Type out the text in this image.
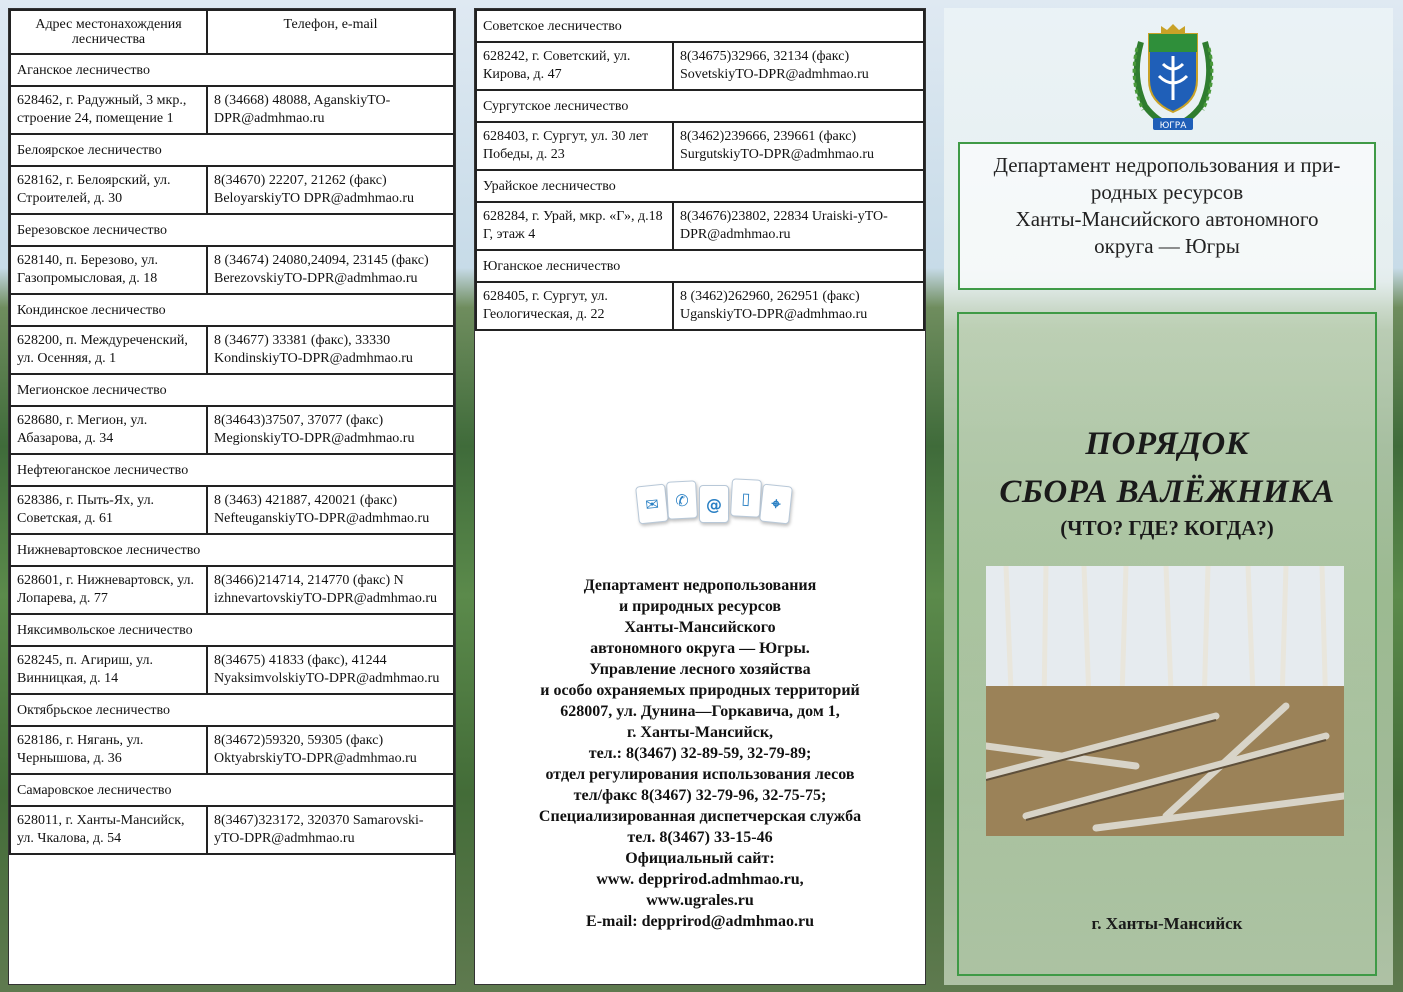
Адрес местонахождения лесничества	Телефон, e-mail
Аганское лесничество	
628462, г. Радужный, 3 мкр., строение 24, помещение 1	8 (34668) 48088, AganskiyTO-DPR@admhmao.ru
Белоярское лесничество	
628162, г. Белоярский, ул. Строителей, д. 30	8(34670) 22207, 21262 (факс) BeloyarskiyTO DPR@admhmao.ru
Березовское лесничество	
628140, п. Березово, ул. Газопромысловая, д. 18	8 (34674) 24080,24094, 23145 (факс) BerezovskiyTO-DPR@admhmao.ru
Кондинское лесничество	
628200, п. Междуреченский, ул. Осенняя, д. 1	8 (34677) 33381 (факс), 33330 KondinskiyTO-DPR@admhmao.ru
Мегионское лесничество	
628680, г. Мегион, ул. Абазарова, д. 34	8(34643)37507, 37077 (факс) MegionskiyTO-DPR@admhmao.ru
Нефтеюганское лесничество	
628386, г. Пыть-Ях, ул. Советская, д. 61	8 (3463) 421887, 420021 (факс) NefteuganskiyTO-DPR@admhmao.ru
Нижневартовское лесничество	
628601, г. Нижневартовск, ул. Лопарева, д. 77	8(3466)214714, 214770 (факс) N izhnevartovskiyTO-DPR@admhmao.ru
Няксимвольское лесничество	
628245, п. Агириш, ул. Винницкая, д. 14	8(34675) 41833 (факс), 41244 NyaksimvolskiyTO-DPR@admhmao.ru
Октябрьское лесничество	
628186, г. Нягань, ул. Чернышова, д. 36	8(34672)59320, 59305 (факс) OktyabrskiyTO-DPR@admhmao.ru
Самаровское лесничество	
628011, г. Ханты-Мансийск, ул. Чкалова, д. 54	8(3467)323172, 320370 Samarovski-yTO-DPR@admhmao.ru
Советское лесничество	
628242, г. Советский, ул. Кирова, д. 47	8(34675)32966, 32134 (факс) SovetskiyTO-DPR@admhmao.ru
Сургутское лесничество	
628403, г. Сургут, ул. 30 лет Победы, д. 23	8(3462)239666, 239661 (факс) SurgutskiyTO-DPR@admhmao.ru
Урайское лесничество	
628284, г. Урай, мкр. «Г», д.18 Г, этаж 4	8(34676)23802, 22834 Uraiski-yTO-DPR@admhmao.ru
Юганское лесничество	
628405, г. Сургут, ул. Геологическая, д. 22	8 (3462)262960, 262951 (факс) UganskiyTO-DPR@admhmao.ru
✉ ✆	@	▯	⌖
Департамент недропользования
и природных ресурсов
Ханты-Мансийского
автономного округа — Югры.
Управление лесного хозяйства
и особо охраняемых природных территорий
628007, ул. Дунина—Горкавича, дом 1,
г. Ханты-Мансийск,
тел.: 8(3467) 32-89-59, 32-79-89;
отдел регулирования использования лесов
тел/факс 8(3467) 32-79-96, 32-75-75;
Специализированная диспетчерская служба
тел. 8(3467) 33-15-46
Официальный сайт:
www. depprirod.admhmao.ru,
www.ugrales.ru
E-mail: depprirod@admhmao.ru
ЮГРА
Департамент недропользования и при-
родных ресурсов
Ханты-Мансийского автономного
округа — Югры
ПОРЯДОК
СБОРА ВАЛЁЖНИКА
(ЧТО? ГДЕ? КОГДА?)
г. Ханты-Мансийск
